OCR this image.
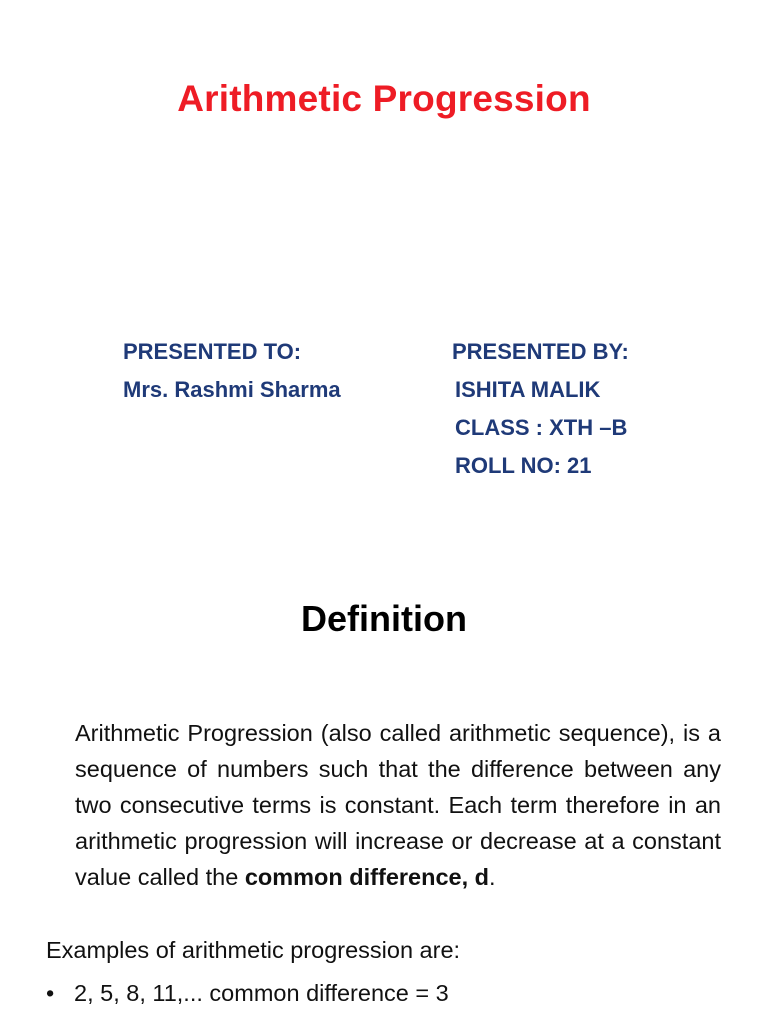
Arithmetic Progression
PRESENTED TO:
Mrs. Rashmi Sharma
PRESENTED BY:
ISHITA MALIK
CLASS : XTH –B
ROLL NO: 21
Definition
Arithmetic Progression (also called arithmetic sequence), is a sequence of numbers such that the difference between any two consecutive terms is constant. Each term therefore in an arithmetic progression will increase or decrease at a constant value called the common difference, d.
Examples of arithmetic progression are:
• 2, 5, 8, 11,... common difference = 3
